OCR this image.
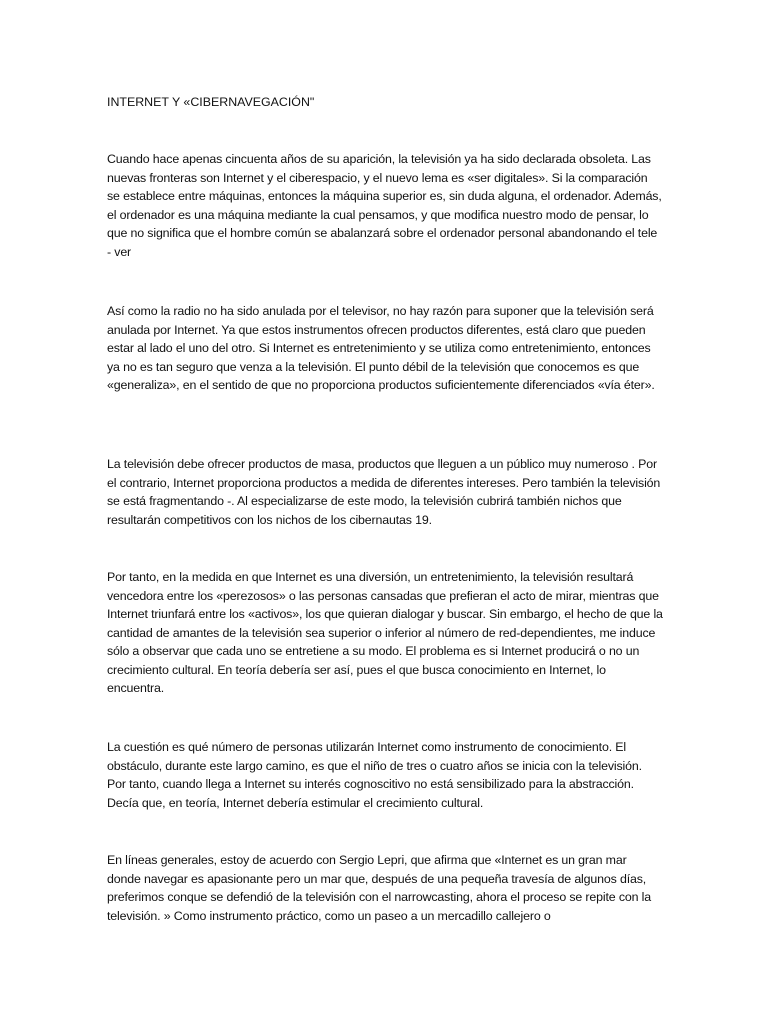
INTERNET Y «CIBERNAVEGACIÓN"

Cuando hace apenas cincuenta años de su aparición, la televisión ya ha sido declarada obsoleta. Las nuevas fronteras son Internet y el ciberespacio, y el nuevo lema es «ser digitales». Si la comparación se establece entre máquinas, entonces la máquina superior es, sin duda alguna, el ordenador. Además, el ordenador es una máquina mediante la cual pensamos, y que modifica nuestro modo de pensar, lo que no significa que el hombre común se abalanzará sobre el ordenador personal abandonando el tele - ver

Así como la radio no ha sido anulada por el televisor, no hay razón para suponer que la televisión será anulada por Internet. Ya que estos instrumentos ofrecen productos diferentes, está claro que pueden estar al lado el uno del otro. Si Internet es entretenimiento y se utiliza como entretenimiento, entonces ya no es tan seguro que venza a la televisión. El punto débil de la televisión que conocemos es que «generaliza», en el sentido de que no proporciona productos suficientemente diferenciados «vía éter».

La televisión debe ofrecer productos de masa, productos que lleguen a un público muy numeroso . Por el contrario, Internet proporciona productos a medida de diferentes intereses. Pero también la televisión se está fragmentando -. Al especializarse de este modo, la televisión cubrirá también nichos que resultarán competitivos con los nichos de los cibernautas 19.

Por tanto, en la medida en que Internet es una diversión, un entretenimiento, la televisión resultará vencedora entre los «perezosos» o las personas cansadas que prefieran el acto de mirar, mientras que Internet triunfará entre los «activos», los que quieran dialogar y buscar. Sin embargo, el hecho de que la cantidad de amantes de la televisión sea superior o inferior al número de red-dependientes, me induce sólo a observar que cada uno se entretiene a su modo. El problema es si Internet producirá o no un crecimiento cultural. En teoría debería ser así, pues el que busca conocimiento en Internet, lo encuentra.

La cuestión es qué número de personas utilizarán Internet como instrumento de conocimiento. El obstáculo, durante este largo camino, es que el niño de tres o cuatro años se inicia con la televisión. Por tanto, cuando llega a Internet su interés cognoscitivo no está sensibilizado para la abstracción. Decía que, en teoría, Internet debería estimular el crecimiento cultural.

En líneas generales, estoy de acuerdo con Sergio Lepri, que afirma que «Internet es un gran mar donde navegar es apasionante pero un mar que, después de una pequeña travesía de algunos días, preferimos conque se defendió de la televisión con el narrowcasting, ahora el proceso se repite con la televisión. » Como instrumento práctico, como un paseo a un mercadillo callejero o
